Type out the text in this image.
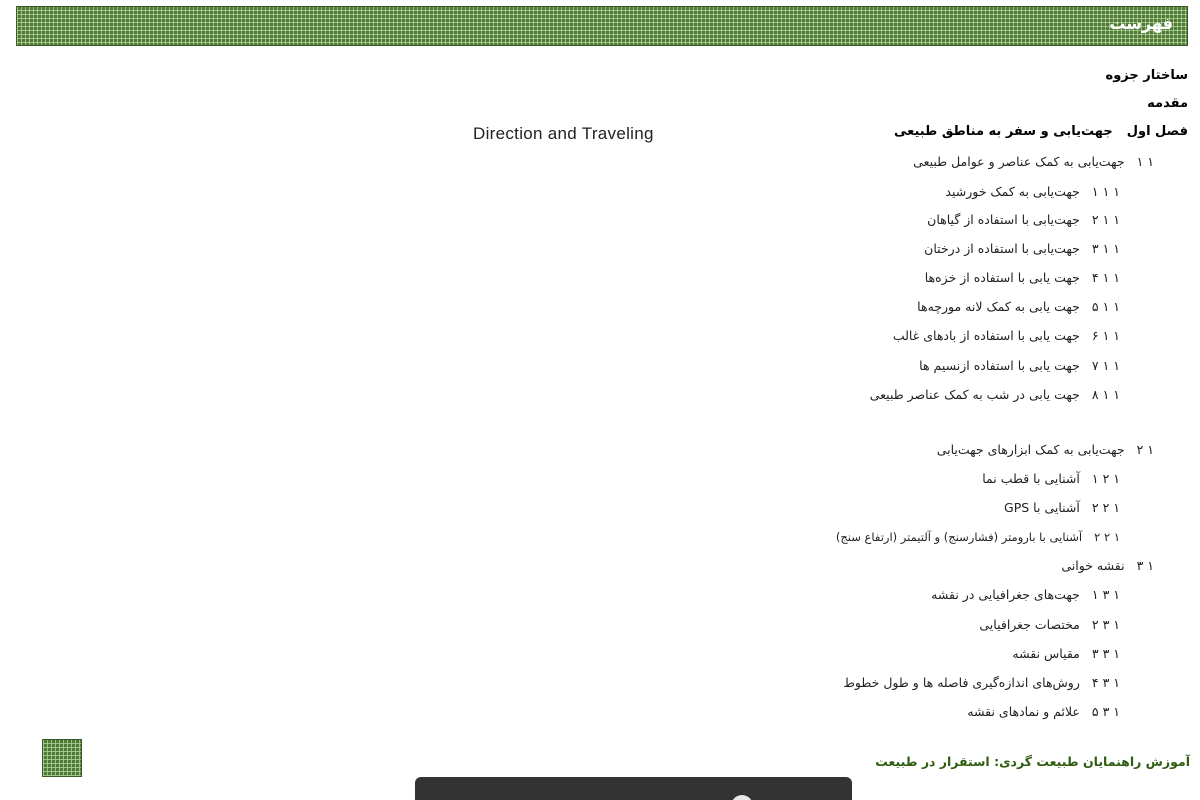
فهرست
ساختار جزوه
مقدمه
فصل اولجهت‌یابی و سفر به مناطق طبیعی
Direction and Traveling
۱ ۱جهت‌یابی به کمک عناصر و عوامل طبیعی
۱ ۱ ۱جهت‌یابی به کمک خورشید
۱ ۱ ۲جهت‌یابی با استفاده از گیاهان
۱ ۱ ۳جهت‌یابی با استفاده از درختان
۱ ۱ ۴جهت یابی با استفاده از خزه‌ها
۱ ۱ ۵جهت یابی به کمک لانه مورچه‌ها
۱ ۱ ۶جهت یابی با استفاده از بادهای غالب
۱ ۱ ۷جهت یابی با استفاده ازنسیم ها
۱ ۱ ۸جهت یابی در شب به کمک عناصر طبیعی
۱ ۲جهت‌یابی به کمک ابزارهای جهت‌یابی
۱ ۲ ۱آشنایی با قطب نما
۱ ۲ ۲آشنایی با GPS
۱ ۲ ۲آشنایی با بارومتر (فشارسنج) و آلتیمتر (ارتفاع سنج)
۱ ۳نقشه خوانی
۱ ۳ ۱جهت‌های جغرافیایی در نقشه
۱ ۳ ۲مختصات جغرافیایی
۱ ۳ ۳مقیاس نقشه
۱ ۳ ۴روش‌های اندازه‌گیری فاصله ها و طول خطوط
۱ ۳ ۵علائم و نمادهای نقشه
آموزش راهنمایان طبیعت گردی: استقرار در طبیعت
